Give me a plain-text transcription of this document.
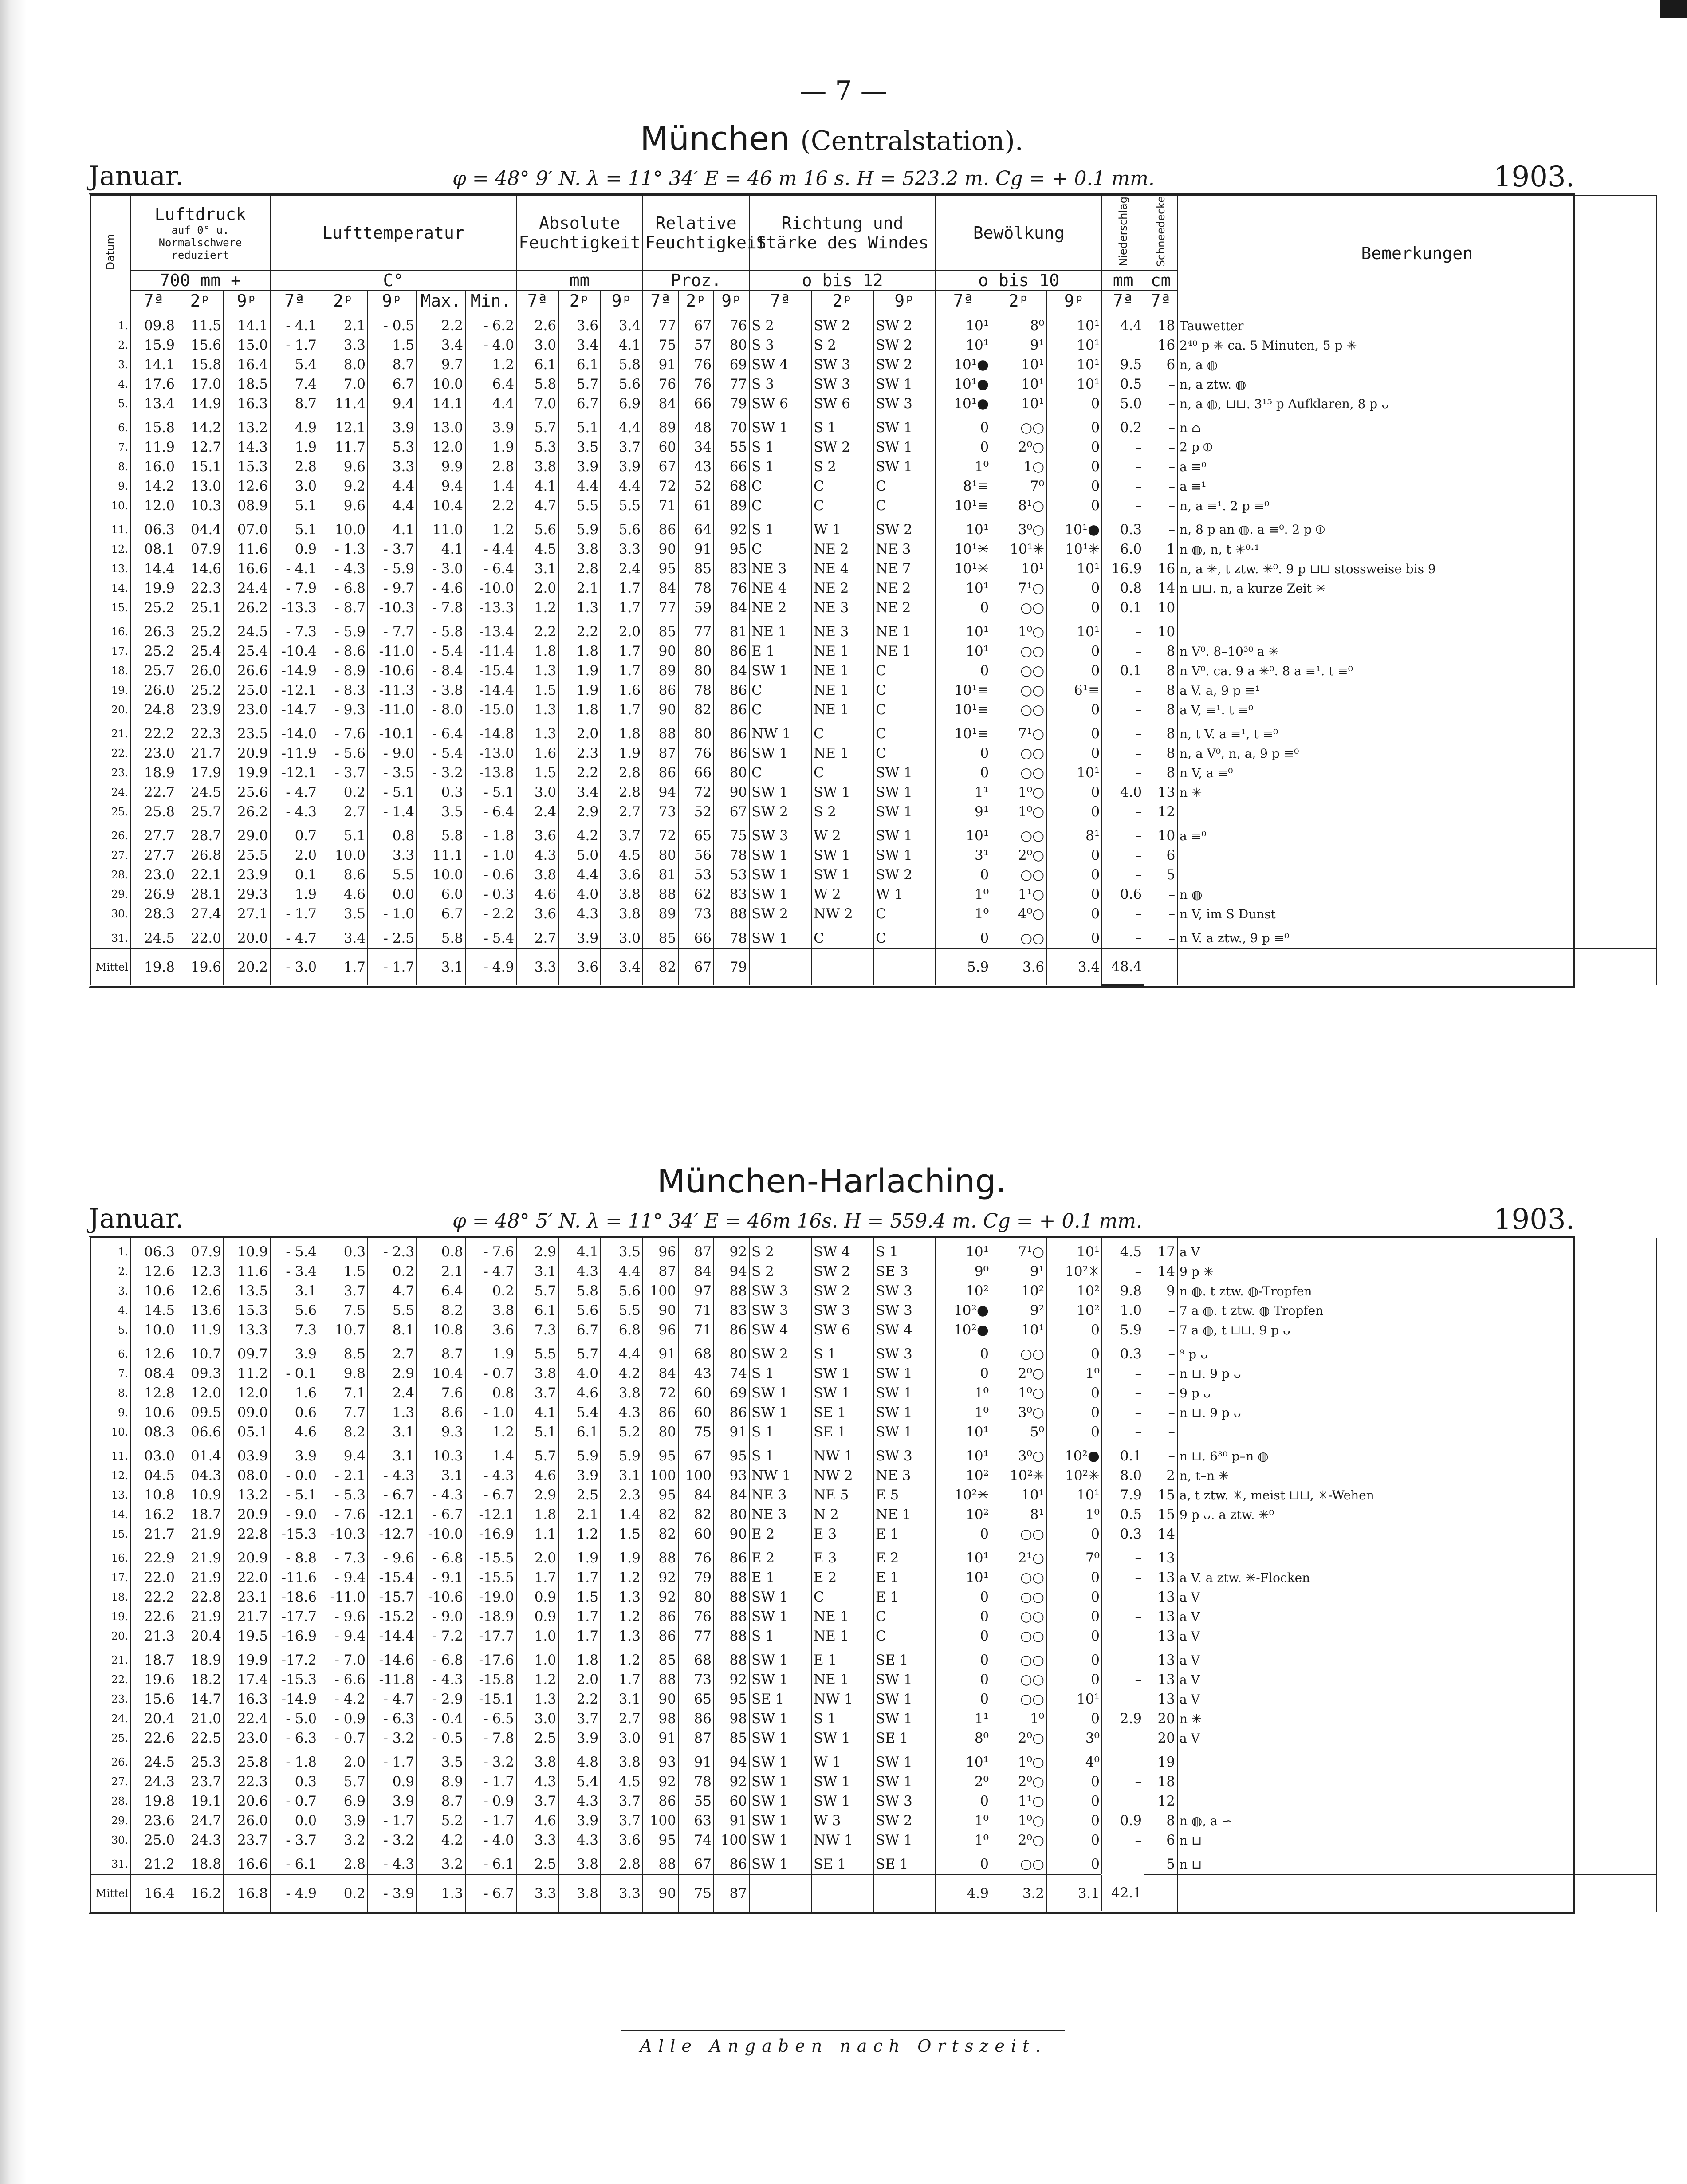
— 7 —
München (Centralstation).
Januar.	φ = 48° 9′ N. λ = 11° 34′ E = 46 m 16 s. H = 523.2 m. Cg = + 0.1 mm.	1903.
Datum	Luftdruck
auf 0° u. Normalschwere reduziert			Lufttemperatur					Absolute Feuchtigkeit			Relative Feuchtigkeit			Richtung und Stärke des Windes			Bewölkung			Niederschlag	Schneedecke	Bemerkungen
	700 mm +			C°					mm			Proz.			o bis 12			o bis 10			mm	cm	
	7ª	2ᵖ	9ᵖ	7ª	2ᵖ	9ᵖ	Max.	Min.	7ª	2ᵖ	9ᵖ	7ª	2ᵖ	9ᵖ	7ª	2ᵖ	9ᵖ	7ª	2ᵖ	9ᵖ	7ª	7ª	
1.	09.8	11.5	14.1	- 4.1	2.1	- 0.5	2.2	- 6.2	2.6	3.6	3.4	77	67	76	S 2	SW 2	SW 2	10¹	8⁰	10¹	4.4	18	Tauwetter
2.	15.9	15.6	15.0	- 1.7	3.3	1.5	3.4	- 4.0	3.0	3.4	4.1	75	57	80	S 3	S 2	SW 2	10¹	9¹	10¹	–	16	2⁴⁰ p ✳ ca. 5 Minuten, 5 p ✳
3.	14.1	15.8	16.4	5.4	8.0	8.7	9.7	1.2	6.1	6.1	5.8	91	76	69	SW 4	SW 3	SW 2	10¹●	10¹	10¹	9.5	6	n, a ◍
4.	17.6	17.0	18.5	7.4	7.0	6.7	10.0	6.4	5.8	5.7	5.6	76	76	77	S 3	SW 3	SW 1	10¹●	10¹	10¹	0.5	–	n, a ztw. ◍
5.	13.4	14.9	16.3	8.7	11.4	9.4	14.1	4.4	7.0	6.7	6.9	84	66	79	SW 6	SW 6	SW 3	10¹●	10¹	0	5.0	–	n, a ◍, ⊔⊔. 3¹⁵ p Aufklaren, 8 p ᴗ
6.	15.8	14.2	13.2	4.9	12.1	3.9	13.0	3.9	5.7	5.1	4.4	89	48	70	SW 1	S 1	SW 1	0	○○	0	0.2	–	n ⌂
7.	11.9	12.7	14.3	1.9	11.7	5.3	12.0	1.9	5.3	3.5	3.7	60	34	55	S 1	SW 2	SW 1	0	2⁰○	0	–	–	2 p ⦶
8.	16.0	15.1	15.3	2.8	9.6	3.3	9.9	2.8	3.8	3.9	3.9	67	43	66	S 1	S 2	SW 1	1⁰	1○	0	–	–	a ≡⁰
9.	14.2	13.0	12.6	3.0	9.2	4.4	9.4	1.4	4.1	4.4	4.4	72	52	68	C	C	C	8¹≡	7⁰	0	–	–	a ≡¹
10.	12.0	10.3	08.9	5.1	9.6	4.4	10.4	2.2	4.7	5.5	5.5	71	61	89	C	C	C	10¹≡	8¹○	0	–	–	n, a ≡¹. 2 p ≡⁰
11.	06.3	04.4	07.0	5.1	10.0	4.1	11.0	1.2	5.6	5.9	5.6	86	64	92	S 1	W 1	SW 2	10¹	3⁰○	10¹●	0.3	–	n, 8 p an ◍. a ≡⁰. 2 p ⦶
12.	08.1	07.9	11.6	0.9	- 1.3	- 3.7	4.1	- 4.4	4.5	3.8	3.3	90	91	95	C	NE 2	NE 3	10¹✳	10¹✳	10¹✳	6.0	1	n ◍, n, t ✳⁰·¹
13.	14.4	14.6	16.6	- 4.1	- 4.3	- 5.9	- 3.0	- 6.4	3.1	2.8	2.4	95	85	83	NE 3	NE 4	NE 7	10¹✳	10¹	10¹	16.9	16	n, a ✳, t ztw. ✳⁰. 9 p ⊔⊔ stossweise bis 9
14.	19.9	22.3	24.4	- 7.9	- 6.8	- 9.7	- 4.6	-10.0	2.0	2.1	1.7	84	78	76	NE 4	NE 2	NE 2	10¹	7¹○	0	0.8	14	n ⊔⊔. n, a kurze Zeit ✳
15.	25.2	25.1	26.2	-13.3	- 8.7	-10.3	- 7.8	-13.3	1.2	1.3	1.7	77	59	84	NE 2	NE 3	NE 2	0	○○	0	0.1	10	
16.	26.3	25.2	24.5	- 7.3	- 5.9	- 7.7	- 5.8	-13.4	2.2	2.2	2.0	85	77	81	NE 1	NE 3	NE 1	10¹	1⁰○	10¹	–	10	
17.	25.2	25.4	25.4	-10.4	- 8.6	-11.0	- 5.4	-11.4	1.8	1.8	1.7	90	80	86	E 1	NE 1	NE 1	10¹	○○	0	–	8	n V⁰. 8–10³⁰ a ✳
18.	25.7	26.0	26.6	-14.9	- 8.9	-10.6	- 8.4	-15.4	1.3	1.9	1.7	89	80	84	SW 1	NE 1	C	0	○○	0	0.1	8	n V⁰. ca. 9 a ✳⁰. 8 a ≡¹. t ≡⁰
19.	26.0	25.2	25.0	-12.1	- 8.3	-11.3	- 3.8	-14.4	1.5	1.9	1.6	86	78	86	C	NE 1	C	10¹≡	○○	6¹≡	–	8	a V. a, 9 p ≡¹
20.	24.8	23.9	23.0	-14.7	- 9.3	-11.0	- 8.0	-15.0	1.3	1.8	1.7	90	82	86	C	NE 1	C	10¹≡	○○	0	–	8	a V, ≡¹. t ≡⁰
21.	22.2	22.3	23.5	-14.0	- 7.6	-10.1	- 6.4	-14.8	1.3	2.0	1.8	88	80	86	NW 1	C	C	10¹≡	7¹○	0	–	8	n, t V. a ≡¹, t ≡⁰
22.	23.0	21.7	20.9	-11.9	- 5.6	- 9.0	- 5.4	-13.0	1.6	2.3	1.9	87	76	86	SW 1	NE 1	C	0	○○	0	–	8	n, a V⁰, n, a, 9 p ≡⁰
23.	18.9	17.9	19.9	-12.1	- 3.7	- 3.5	- 3.2	-13.8	1.5	2.2	2.8	86	66	80	C	C	SW 1	0	○○	10¹	–	8	n V, a ≡⁰
24.	22.7	24.5	25.6	- 4.7	0.2	- 5.1	0.3	- 5.1	3.0	3.4	2.8	94	72	90	SW 1	SW 1	SW 1	1¹	1⁰○	0	4.0	13	n ✳
25.	25.8	25.7	26.2	- 4.3	2.7	- 1.4	3.5	- 6.4	2.4	2.9	2.7	73	52	67	SW 2	S 2	SW 1	9¹	1⁰○	0	–	12	
26.	27.7	28.7	29.0	0.7	5.1	0.8	5.8	- 1.8	3.6	4.2	3.7	72	65	75	SW 3	W 2	SW 1	10¹	○○	8¹	–	10	a ≡⁰
27.	27.7	26.8	25.5	2.0	10.0	3.3	11.1	- 1.0	4.3	5.0	4.5	80	56	78	SW 1	SW 1	SW 1	3¹	2⁰○	0	–	6	
28.	23.0	22.1	23.9	0.1	8.6	5.5	10.0	- 0.6	3.8	4.4	3.6	81	53	53	SW 1	SW 1	SW 2	0	○○	0	–	5	
29.	26.9	28.1	29.3	1.9	4.6	0.0	6.0	- 0.3	4.6	4.0	3.8	88	62	83	SW 1	W 2	W 1	1⁰	1¹○	0	0.6	–	n ◍
30.	28.3	27.4	27.1	- 1.7	3.5	- 1.0	6.7	- 2.2	3.6	4.3	3.8	89	73	88	SW 2	NW 2	C	1⁰	4⁰○	0	–	–	n V, im S Dunst
31.	24.5	22.0	20.0	- 4.7	3.4	- 2.5	5.8	- 5.4	2.7	3.9	3.0	85	66	78	SW 1	C	C	0	○○	0	–	–	n V. a ztw., 9 p ≡⁰
Mittel	19.8	19.6	20.2	- 3.0	1.7	- 1.7	3.1	- 4.9	3.3	3.6	3.4	82	67	79				5.9	3.6	3.4	48.4		
München-Harlaching.
Januar.	φ = 48° 5′ N. λ = 11° 34′ E = 46m 16s. H = 559.4 m. Cg = + 0.1 mm.	1903.
1.	06.3	07.9	10.9	- 5.4	0.3	- 2.3	0.8	- 7.6	2.9	4.1	3.5	96	87	92	S 2	SW 4	S 1	10¹	7¹○	10¹	4.5	17	a V
2.	12.6	12.3	11.6	- 3.4	1.5	0.2	2.1	- 4.7	3.1	4.3	4.4	87	84	94	S 2	SW 2	SE 3	9⁰	9¹	10²✳	–	14	9 p ✳
3.	10.6	12.6	13.5	3.1	3.7	4.7	6.4	0.2	5.7	5.8	5.6	100	97	88	SW 3	SW 2	SW 3	10²	10²	10²	9.8	9	n ◍. t ztw. ◍-Tropfen
4.	14.5	13.6	15.3	5.6	7.5	5.5	8.2	3.8	6.1	5.6	5.5	90	71	83	SW 3	SW 3	SW 3	10²●	9²	10²	1.0	–	7 a ◍. t ztw. ◍ Tropfen
5.	10.0	11.9	13.3	7.3	10.7	8.1	10.8	3.6	7.3	6.7	6.8	96	71	86	SW 4	SW 6	SW 4	10²●	10¹	0	5.9	–	7 a ◍, t ⊔⊔. 9 p ᴗ
6.	12.6	10.7	09.7	3.9	8.5	2.7	8.7	1.9	5.5	5.7	4.4	91	68	80	SW 2	S 1	SW 3	0	○○	0	0.3	–	⁹ p ᴗ
7.	08.4	09.3	11.2	- 0.1	9.8	2.9	10.4	- 0.7	3.8	4.0	4.2	84	43	74	S 1	SW 1	SW 1	0	2⁰○	1⁰	–	–	n ⊔. 9 p ᴗ
8.	12.8	12.0	12.0	1.6	7.1	2.4	7.6	0.8	3.7	4.6	3.8	72	60	69	SW 1	SW 1	SW 1	1⁰	1⁰○	0	–	–	9 p ᴗ
9.	10.6	09.5	09.0	0.6	7.7	1.3	8.6	- 1.0	4.1	5.4	4.3	86	60	86	SW 1	SE 1	SW 1	1⁰	3⁰○	0	–	–	n ⊔. 9 p ᴗ
10.	08.3	06.6	05.1	4.6	8.2	3.1	9.3	1.2	5.1	6.1	5.2	80	75	91	S 1	SE 1	SW 1	10¹	5⁰	0	–	–	
11.	03.0	01.4	03.9	3.9	9.4	3.1	10.3	1.4	5.7	5.9	5.9	95	67	95	S 1	NW 1	SW 3	10¹	3⁰○	10²●	0.1	–	n ⊔. 6³⁰ p–n ◍
12.	04.5	04.3	08.0	- 0.0	- 2.1	- 4.3	3.1	- 4.3	4.6	3.9	3.1	100	100	93	NW 1	NW 2	NE 3	10²	10²✳	10²✳	8.0	2	n, t–n ✳
13.	10.8	10.9	13.2	- 5.1	- 5.3	- 6.7	- 4.3	- 6.7	2.9	2.5	2.3	95	84	84	NE 3	NE 5	E 5	10²✳	10¹	10¹	7.9	15	a, t ztw. ✳, meist ⊔⊔, ✳-Wehen
14.	16.2	18.7	20.9	- 9.0	- 7.6	-12.1	- 6.7	-12.1	1.8	2.1	1.4	82	82	80	NE 3	N 2	NE 1	10²	8¹	1⁰	0.5	15	9 p ᴗ. a ztw. ✳⁰
15.	21.7	21.9	22.8	-15.3	-10.3	-12.7	-10.0	-16.9	1.1	1.2	1.5	82	60	90	E 2	E 3	E 1	0	○○	0	0.3	14	
16.	22.9	21.9	20.9	- 8.8	- 7.3	- 9.6	- 6.8	-15.5	2.0	1.9	1.9	88	76	86	E 2	E 3	E 2	10¹	2¹○	7⁰	–	13	
17.	22.0	21.9	22.0	-11.6	- 9.4	-15.4	- 9.1	-15.5	1.7	1.7	1.2	92	79	88	E 1	E 2	E 1	10¹	○○	0	–	13	a V. a ztw. ✳-Flocken
18.	22.2	22.8	23.1	-18.6	-11.0	-15.7	-10.6	-19.0	0.9	1.5	1.3	92	80	88	SW 1	C	E 1	0	○○	0	–	13	a V
19.	22.6	21.9	21.7	-17.7	- 9.6	-15.2	- 9.0	-18.9	0.9	1.7	1.2	86	76	88	SW 1	NE 1	C	0	○○	0	–	13	a V
20.	21.3	20.4	19.5	-16.9	- 9.4	-14.4	- 7.2	-17.7	1.0	1.7	1.3	86	77	88	S 1	NE 1	C	0	○○	0	–	13	a V
21.	18.7	18.9	19.9	-17.2	- 7.0	-14.6	- 6.8	-17.6	1.0	1.8	1.2	85	68	88	SW 1	E 1	SE 1	0	○○	0	–	13	a V
22.	19.6	18.2	17.4	-15.3	- 6.6	-11.8	- 4.3	-15.8	1.2	2.0	1.7	88	73	92	SW 1	NE 1	SW 1	0	○○	0	–	13	a V
23.	15.6	14.7	16.3	-14.9	- 4.2	- 4.7	- 2.9	-15.1	1.3	2.2	3.1	90	65	95	SE 1	NW 1	SW 1	0	○○	10¹	–	13	a V
24.	20.4	21.0	22.4	- 5.0	- 0.9	- 6.3	- 0.4	- 6.5	3.0	3.7	2.7	98	86	98	SW 1	S 1	SW 1	1¹	1⁰	0	2.9	20	n ✳
25.	22.6	22.5	23.0	- 6.3	- 0.7	- 3.2	- 0.5	- 7.8	2.5	3.9	3.0	91	87	85	SW 1	SW 1	SE 1	8⁰	2⁰○	3⁰	–	20	a V
26.	24.5	25.3	25.8	- 1.8	2.0	- 1.7	3.5	- 3.2	3.8	4.8	3.8	93	91	94	SW 1	W 1	SW 1	10¹	1⁰○	4⁰	–	19	
27.	24.3	23.7	22.3	0.3	5.7	0.9	8.9	- 1.7	4.3	5.4	4.5	92	78	92	SW 1	SW 1	SW 1	2⁰	2⁰○	0	–	18	
28.	19.8	19.1	20.6	- 0.7	6.9	3.9	8.7	- 0.9	3.7	4.3	3.7	86	55	60	SW 1	SW 1	SW 3	0	1¹○	0	–	12	
29.	23.6	24.7	26.0	0.0	3.9	- 1.7	5.2	- 1.7	4.6	3.9	3.7	100	63	91	SW 1	W 3	SW 2	1⁰	1⁰○	0	0.9	8	n ◍, a ∽
30.	25.0	24.3	23.7	- 3.7	3.2	- 3.2	4.2	- 4.0	3.3	4.3	3.6	95	74	100	SW 1	NW 1	SW 1	1⁰	2⁰○	0	–	6	n ⊔
31.	21.2	18.8	16.6	- 6.1	2.8	- 4.3	3.2	- 6.1	2.5	3.8	2.8	88	67	86	SW 1	SE 1	SE 1	0	○○	0	–	5	n ⊔
Mittel	16.4	16.2	16.8	- 4.9	0.2	- 3.9	1.3	- 6.7	3.3	3.8	3.3	90	75	87				4.9	3.2	3.1	42.1		
Alle Angaben nach Ortszeit.
